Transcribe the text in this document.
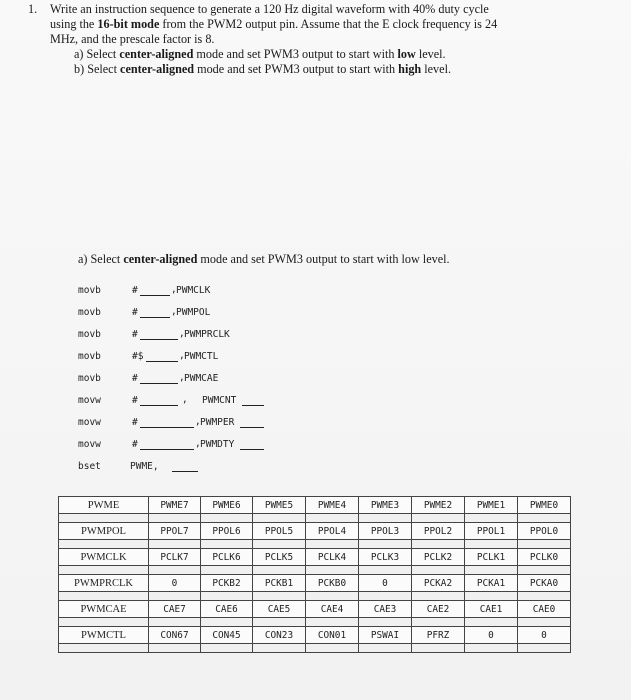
1. Write an instruction sequence to generate a 120 Hz digital waveform with 40% duty cycle
using the 16-bit mode from the PWM2 output pin. Assume that the E clock frequency is 24
MHz, and the prescale factor is 8.
a) Select center-aligned mode and set PWM3 output to start with low level.
b) Select center-aligned mode and set PWM3 output to start with high level.
a) Select center-aligned mode and set PWM3 output to start with low level.
movb	#	, PWMCLK
movb	#	, PWMPOL
movb	#	, PWMPRCLK
movb	#$	, PWMCTL
movb	#	, PWMCAE
movw	#	, PWMCNT
movw	#	, PWMPER
movw	#	, PWMDTY
bset	PWME,
PWME	PWME7	PWME6	PWME5	PWME4	PWME3	PWME2	PWME1	PWME0

PWMPOL	PPOL7	PPOL6	PPOL5	PPOL4	PPOL3	PPOL2	PPOL1	PPOL0

PWMCLK	PCLK7	PCLK6	PCLK5	PCLK4	PCLK3	PCLK2	PCLK1	PCLK0

PWMPRCLK	0	PCKB2	PCKB1	PCKB0	0	PCKA2	PCKA1	PCKA0

PWMCAE	CAE7	CAE6	CAE5	CAE4	CAE3	CAE2	CAE1	CAE0

PWMCTL	CON67	CON45	CON23	CON01	PSWAI	PFRZ	0	0
